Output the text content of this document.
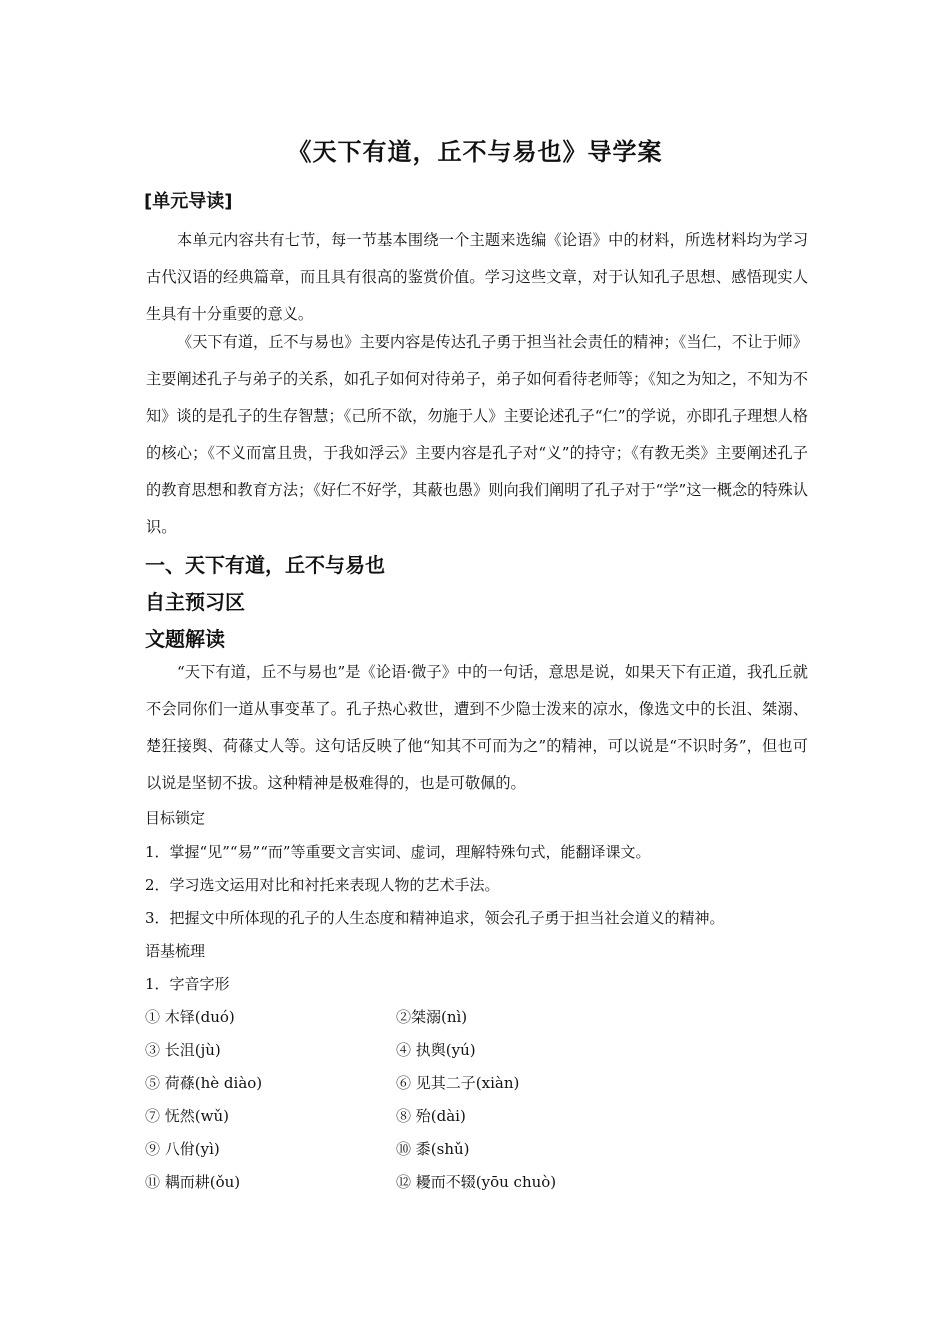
《天下有道，丘不与易也》导学案
[单元导读]

本单元内容共有七节，每一节基本围绕一个主题来选编《论语》中的材料，所选材料均为学习古代汉语的经典篇章，而且具有很高的鉴赏价值。学习这些文章，对于认知孔子思想、感悟现实人生具有十分重要的意义。

《天下有道，丘不与易也》主要内容是传达孔子勇于担当社会责任的精神；《当仁，不让于师》主要阐述孔子与弟子的关系，如孔子如何对待弟子，弟子如何看待老师等；《知之为知之，不知为不知》谈的是孔子的生存智慧；《己所不欲，勿施于人》主要论述孔子“仁”的学说，亦即孔子理想人格的核心；《不义而富且贵，于我如浮云》主要内容是孔子对“义”的持守；《有教无类》主要阐述孔子的教育思想和教育方法；《好仁不好学，其蔽也愚》则向我们阐明了孔子对于“学”这一概念的特殊认识。

一、天下有道，丘不与易也
自主预习区
文题解读

“天下有道，丘不与易也”是《论语·微子》中的一句话，意思是说，如果天下有正道，我孔丘就不会同你们一道从事变革了。孔子热心救世，遭到不少隐士泼来的凉水，像选文中的长沮、桀溺、楚狂接舆、荷蓧丈人等。这句话反映了他“知其不可而为之”的精神，可以说是“不识时务”，但也可以说是坚韧不拔。这种精神是极难得的，也是可敬佩的。

目标锁定
1．掌握“见”“易”“而”等重要文言实词、虚词，理解特殊句式，能翻译课文。
2．学习选文运用对比和衬托来表现人物的艺术手法。
3．把握文中所体现的孔子的人生态度和精神追求，领会孔子勇于担当社会道义的精神。
语基梳理
1．字音字形
① 木铎(duó)	②桀溺(nì)
③ 长沮(jù)	④ 执舆(yú)
⑤ 荷蓧(hè diào)	⑥ 见其二子(xiàn)
⑦ 怃然(wǔ)	⑧ 殆(dài)
⑨ 八佾(yì)	⑩ 黍(shǔ)
⑪ 耦而耕(ǒu)	⑫ 耰而不辍(yōu chuò)
